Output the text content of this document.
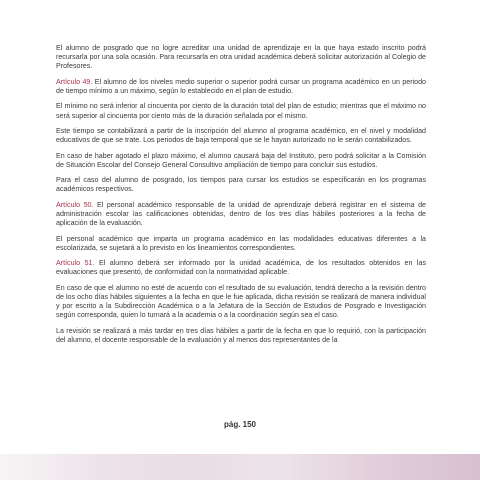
El alumno de posgrado que no logre acreditar una unidad de aprendizaje en la que haya estado inscrito podrá recursarla por una sola ocasión. Para recursarla en otra unidad académica deberá solicitar autorización al Colegio de Profesores.

Artículo 49. El alumno de los niveles medio superior o superior podrá cursar un programa académico en un periodo de tiempo mínimo a un máximo, según lo establecido en el plan de estudio.

El mínimo no será inferior al cincuenta por ciento de la duración total del plan de estudio; mientras que el máximo no será superior al cincuenta por ciento más de la duración señalada por el mismo.

Este tiempo se contabilizará a partir de la inscripción del alumno al programa académico, en el nivel y modalidad educativos de que se trate. Los periodos de baja temporal que se le hayan autorizado no le serán contabilizados.

En caso de haber agotado el plazo máximo, el alumno causará baja del Instituto, pero podrá solicitar a la Comisión de Situación Escolar del Consejo General Consultivo ampliación de tiempo para concluir sus estudios.

Para el caso del alumno de posgrado, los tiempos para cursar los estudios se especificarán en los programas académicos respectivos.

Artículo 50. El personal académico responsable de la unidad de aprendizaje deberá registrar en el sistema de administración escolar las calificaciones obtenidas, dentro de los tres días hábiles posteriores a la fecha de aplicación de la evaluación.

El personal académico que imparta un programa académico en las modalidades educativas diferentes a la escolarizada, se sujetará a lo previsto en los lineamientos correspondientes.

Artículo 51. El alumno deberá ser informado por la unidad académica, de los resultados obtenidos en las evaluaciones que presentó, de conformidad con la normatividad aplicable.

En caso de que el alumno no esté de acuerdo con el resultado de su evaluación, tendrá derecho a la revisión dentro de los ocho días hábiles siguientes a la fecha en que le fue aplicada, dicha revisión se realizará de manera individual y por escrito a la Subdirección Académica o a la Jefatura de la Sección de Estudios de Posgrado e Investigación según corresponda, quien lo turnará a la academia o a la coordinación según sea el caso.

La revisión se realizará a más tardar en tres días hábiles a partir de la fecha en que lo requirió, con la participación del alumno, el docente responsable de la evaluación y al menos dos representantes de la

pág. 150
